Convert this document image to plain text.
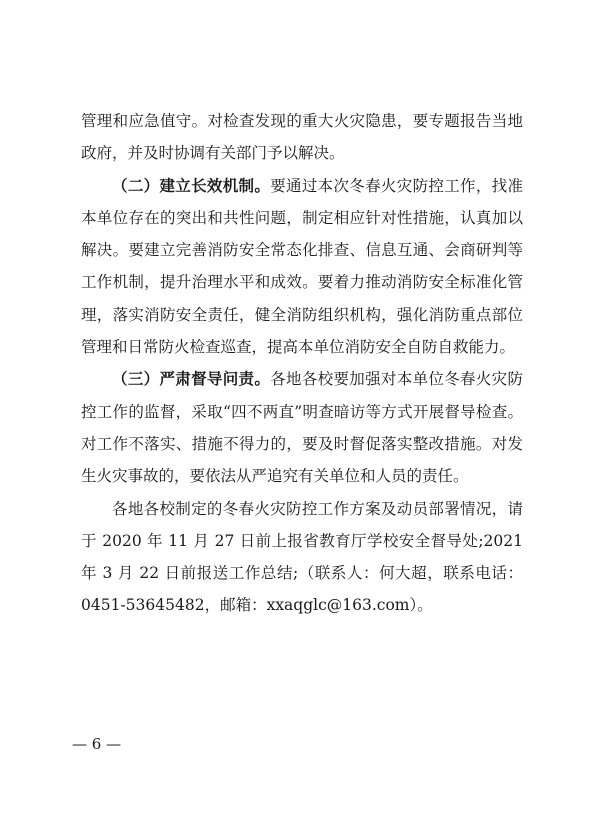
管理和应急值守。对检查发现的重大火灾隐患，要专题报告当地政府，并及时协调有关部门予以解决。

（二）建立长效机制。要通过本次冬春火灾防控工作，找准本单位存在的突出和共性问题，制定相应针对性措施，认真加以解决。要建立完善消防安全常态化排查、信息互通、会商研判等工作机制，提升治理水平和成效。要着力推动消防安全标准化管理，落实消防安全责任，健全消防组织机构，强化消防重点部位管理和日常防火检查巡查，提高本单位消防安全自防自救能力。

（三）严肃督导问责。各地各校要加强对本单位冬春火灾防控工作的监督，采取“四不两直”明查暗访等方式开展督导检查。对工作不落实、措施不得力的，要及时督促落实整改措施。对发生火灾事故的，要依法从严追究有关单位和人员的责任。

各地各校制定的冬春火灾防控工作方案及动员部署情况，请于 2020 年 11 月 27 日前上报省教育厅学校安全督导处;2021 年 3 月 22 日前报送工作总结;（联系人：何大超，联系电话：0451-53645482，邮箱：xxaqglc@163.com）。

— 6 —
